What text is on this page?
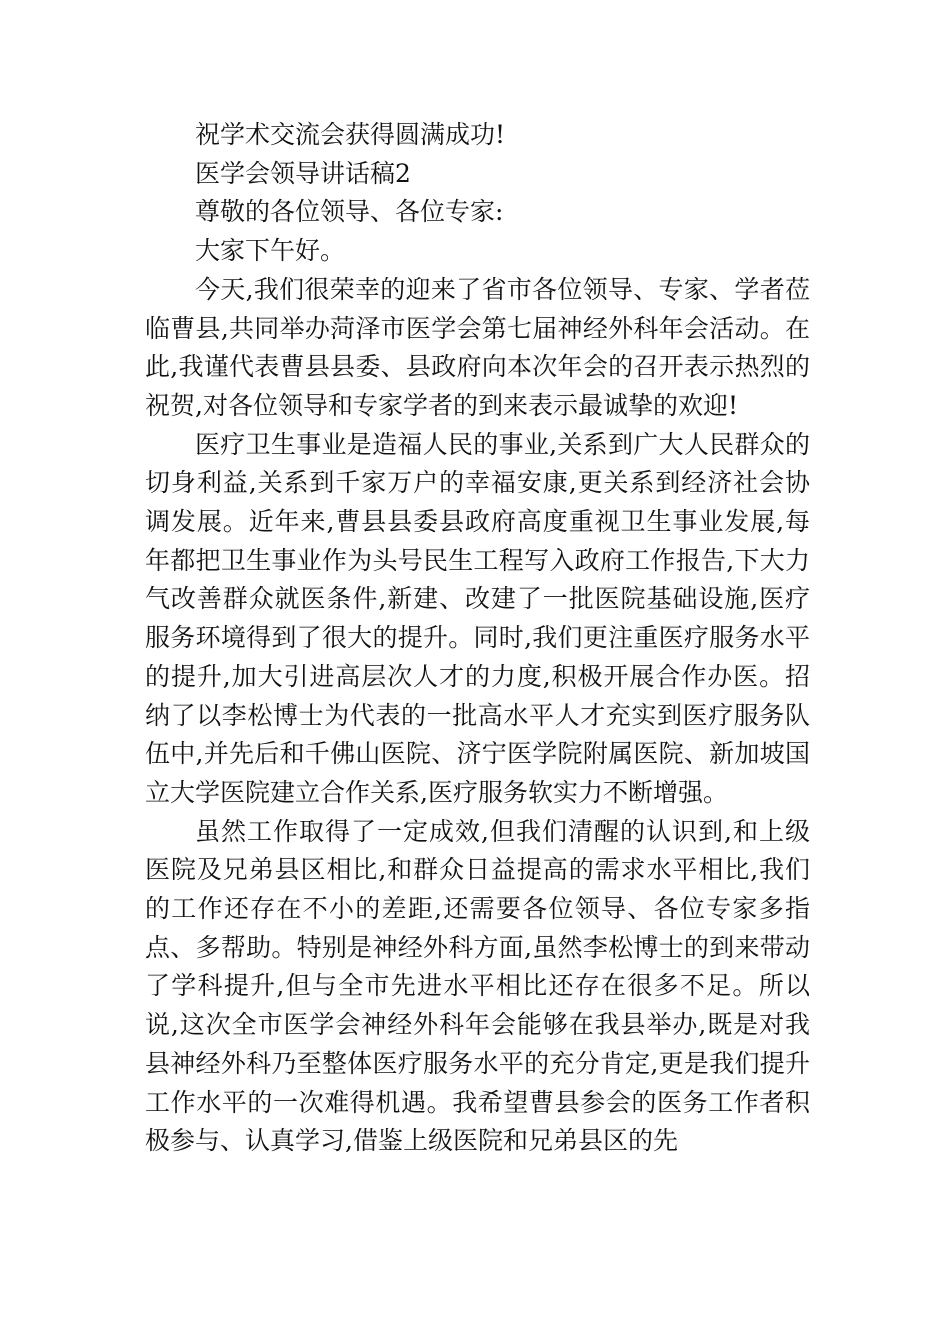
祝学术交流会获得圆满成功!

医学会领导讲话稿2

尊敬的各位领导、各位专家:

大家下午好。

今天,我们很荣幸的迎来了省市各位领导、专家、学者莅临曹县,共同举办菏泽市医学会第七届神经外科年会活动。在此,我谨代表曹县县委、县政府向本次年会的召开表示热烈的祝贺,对各位领导和专家学者的到来表示最诚挚的欢迎!

医疗卫生事业是造福人民的事业,关系到广大人民群众的切身利益,关系到千家万户的幸福安康,更关系到经济社会协调发展。近年来,曹县县委县政府高度重视卫生事业发展,每年都把卫生事业作为头号民生工程写入政府工作报告,下大力气改善群众就医条件,新建、改建了一批医院基础设施,医疗服务环境得到了很大的提升。同时,我们更注重医疗服务水平的提升,加大引进高层次人才的力度,积极开展合作办医。招纳了以李松博士为代表的一批高水平人才充实到医疗服务队伍中,并先后和千佛山医院、济宁医学院附属医院、新加坡国立大学医院建立合作关系,医疗服务软实力不断增强。

虽然工作取得了一定成效,但我们清醒的认识到,和上级医院及兄弟县区相比,和群众日益提高的需求水平相比,我们的工作还存在不小的差距,还需要各位领导、各位专家多指点、多帮助。特别是神经外科方面,虽然李松博士的到来带动了学科提升,但与全市先进水平相比还存在很多不足。所以说,这次全市医学会神经外科年会能够在我县举办,既是对我县神经外科乃至整体医疗服务水平的充分肯定,更是我们提升工作水平的一次难得机遇。我希望曹县参会的医务工作者积极参与、认真学习,借鉴上级医院和兄弟县区的先
